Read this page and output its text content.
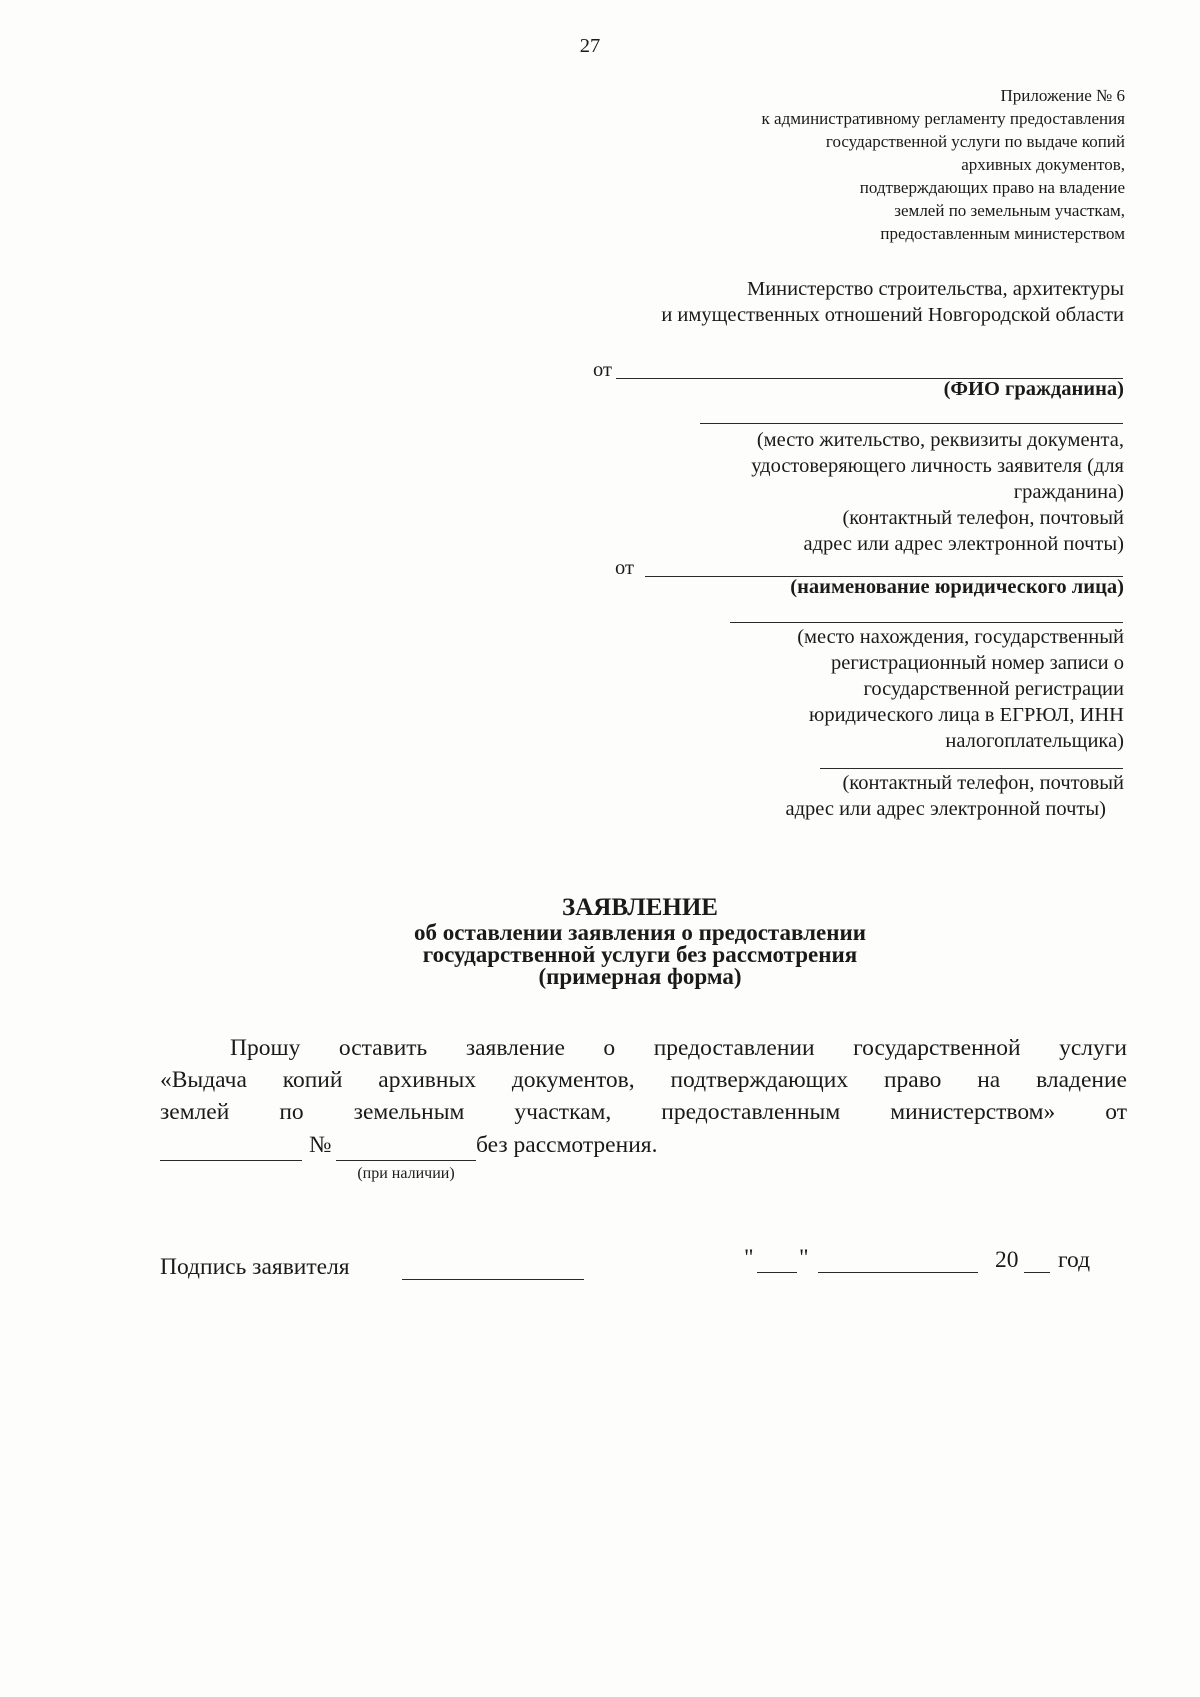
27
Приложение № 6
к административному регламенту предоставления
государственной услуги по выдаче копий
архивных документов,
подтверждающих право на владение
землей по земельным участкам,
предоставленным министерством
Министерство строительства, архитектуры
и имущественных отношений Новгородской области
от
(ФИО гражданина)
(место жительство, реквизиты документа,
удостоверяющего личность заявителя (для
гражданина)
(контактный телефон, почтовый
адрес или адрес электронной почты)
от
(наименование юридического лица)
(место нахождения, государственный
регистрационный номер записи о
государственной регистрации
юридического лица в ЕГРЮЛ, ИНН
налогоплательщика)
(контактный телефон, почтовый
адрес или адрес электронной почты)
ЗАЯВЛЕНИЕ
об оставлении заявления о предоставлении
государственной услуги без рассмотрения
(примерная форма)
Прошу оставить заявление о предоставлении государственной услуги
«Выдача копий архивных документов, подтверждающих право на владение
землей по земельным участкам, предоставленным министерством» от
№	без рассмотрения.
(при наличии)
Подпись заявителя	" "	20 год
